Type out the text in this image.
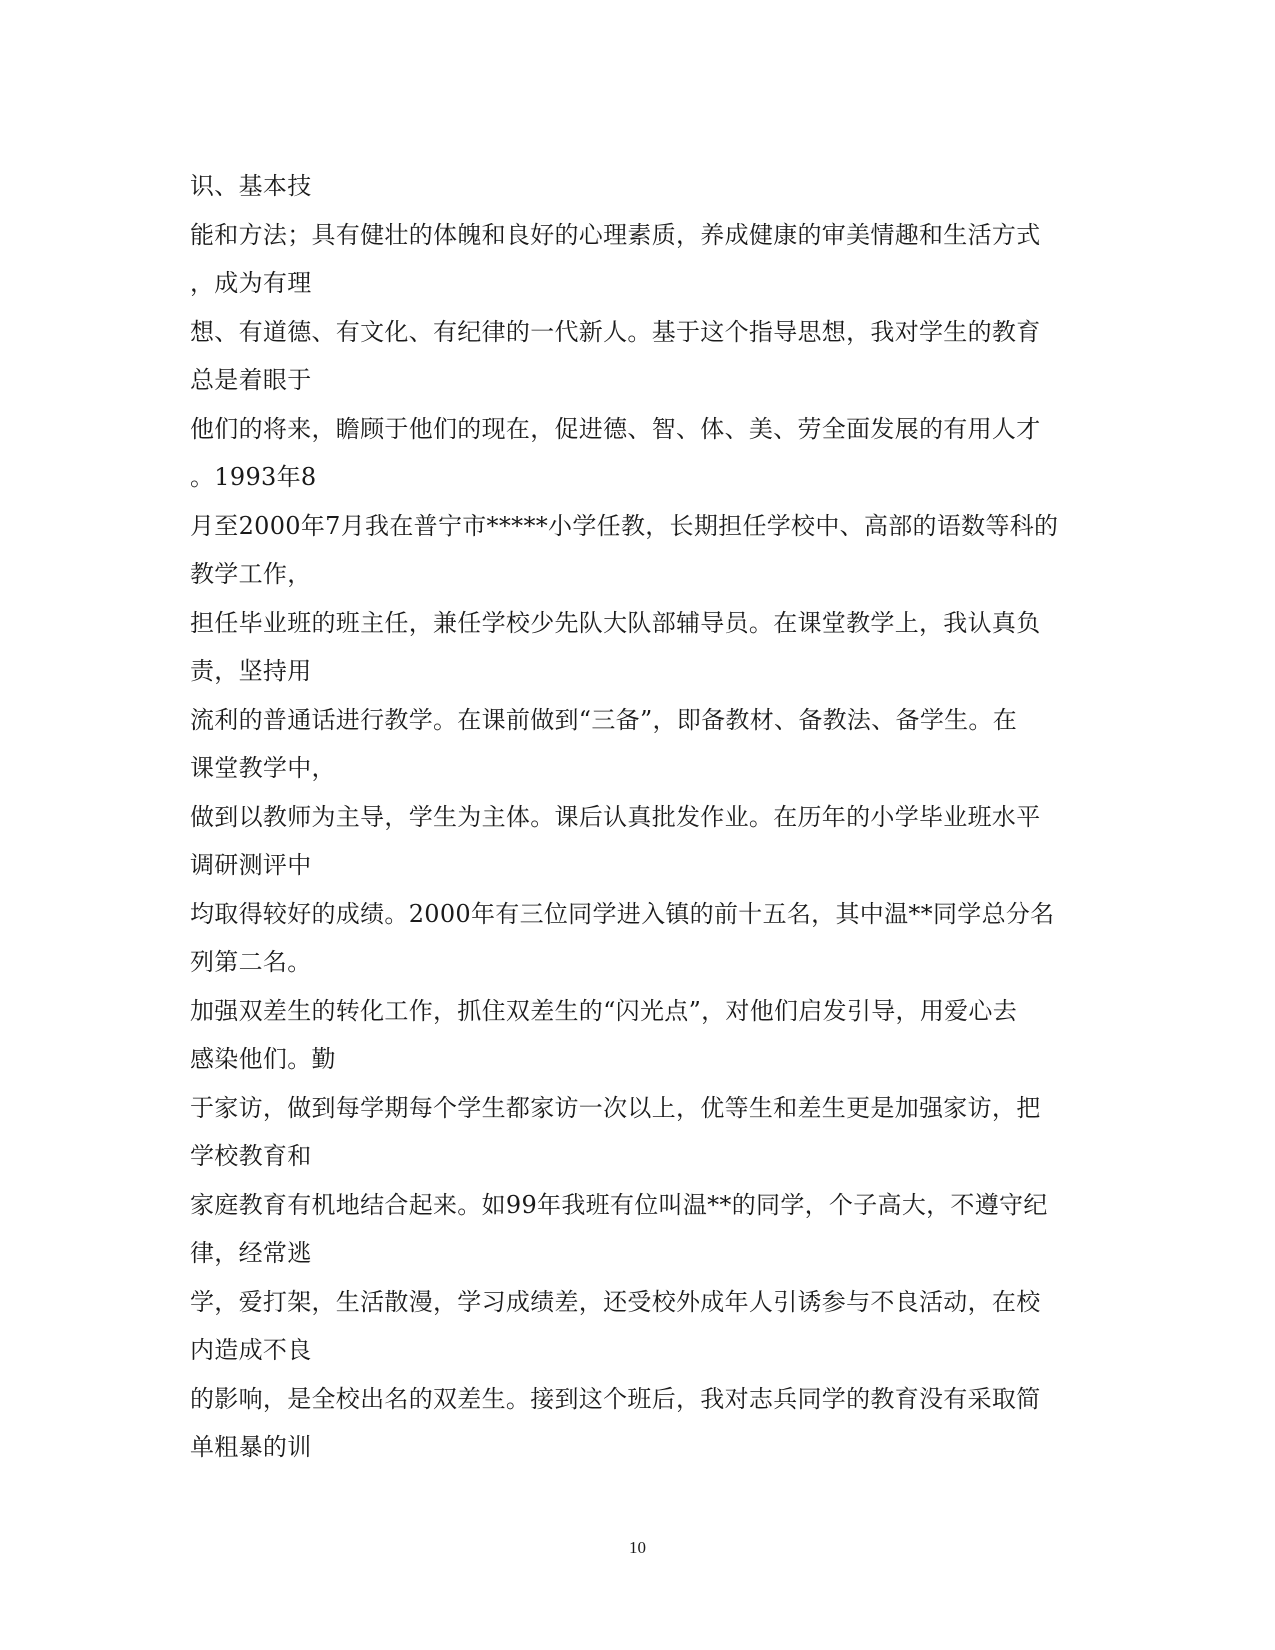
识、基本技
能和方法；具有健壮的体魄和良好的心理素质，养成健康的审美情趣和生活方式
，成为有理
想、有道德、有文化、有纪律的一代新人。基于这个指导思想，我对学生的教育
总是着眼于
他们的将来，瞻顾于他们的现在，促进德、智、体、美、劳全面发展的有用人才
。1993年8
月至2000年7月我在普宁市*****小学任教，长期担任学校中、高部的语数等科的
教学工作，
担任毕业班的班主任，兼任学校少先队大队部辅导员。在课堂教学上，我认真负
责，坚持用
流利的普通话进行教学。在课前做到“三备”，即备教材、备教法、备学生。在
课堂教学中，
做到以教师为主导，学生为主体。课后认真批发作业。在历年的小学毕业班水平
调研测评中
均取得较好的成绩。2000年有三位同学进入镇的前十五名，其中温**同学总分名
列第二名。
加强双差生的转化工作，抓住双差生的“闪光点”，对他们启发引导，用爱心去
感染他们。勤
于家访，做到每学期每个学生都家访一次以上，优等生和差生更是加强家访，把
学校教育和
家庭教育有机地结合起来。如99年我班有位叫温**的同学，个子高大，不遵守纪
律，经常逃
学，爱打架，生活散漫，学习成绩差，还受校外成年人引诱参与不良活动，在校
内造成不良
的影响，是全校出名的双差生。接到这个班后，我对志兵同学的教育没有采取简
单粗暴的训
10
